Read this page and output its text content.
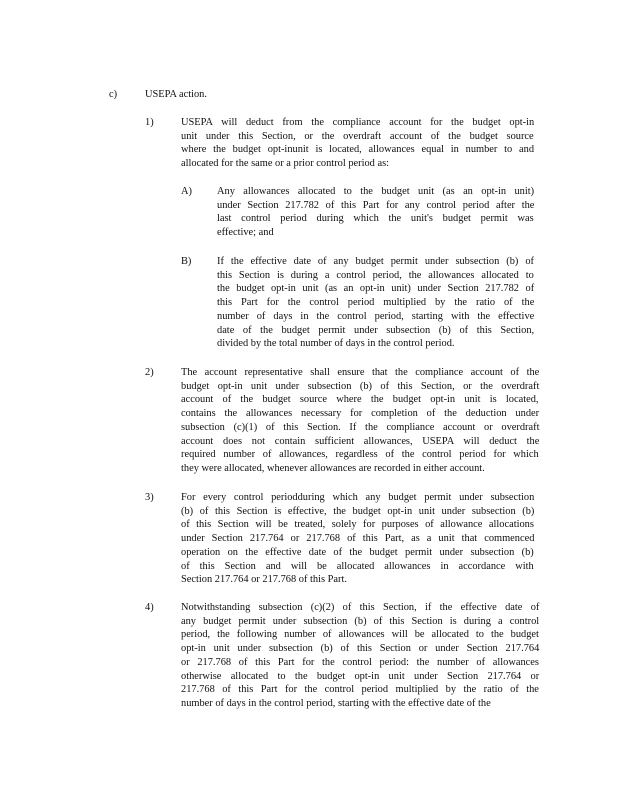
c)	USEPA action.
1)	USEPA will deduct from the compliance account for the budget opt-in
unit under this Section, or the overdraft account of the budget source
where the budget opt-inunit is located, allowances equal in number to and
allocated for the same or a prior control period as:
A) Any allowances allocated to the budget unit (as an opt-in unit)
under Section 217.782 of this Part for any control period after the
last control period during which the unit's budget permit was
effective; and
B) If the effective date of any budget permit under subsection (b) of
this Section is during a control period, the allowances allocated to
the budget opt-in unit (as an opt-in unit) under Section 217.782 of
this Part for the control period multiplied by the ratio of the
number of days in the control period, starting with the effective
date of the budget permit under subsection (b) of this Section,
divided by the total number of days in the control period.
2)	The account representative shall ensure that the compliance account of the
budget opt-in unit under subsection (b) of this Section, or the overdraft
account of the budget source where the budget opt-in unit is located,
contains the allowances necessary for completion of the deduction under
subsection (c)(1) of this Section. If the compliance account or overdraft
account does not contain sufficient allowances, USEPA will deduct the
required number of allowances, regardless of the control period for which
they were allocated, whenever allowances are recorded in either account.
3)	For every control periodduring which any budget permit under subsection
(b) of this Section is effective, the budget opt-in unit under subsection (b)
of this Section will be treated, solely for purposes of allowance allocations
under Section 217.764 or 217.768 of this Part, as a unit that commenced
operation on the effective date of the budget permit under subsection (b)
of this Section and will be allocated allowances in accordance with
Section 217.764 or 217.768 of this Part.
4)	Notwithstanding subsection (c)(2) of this Section, if the effective date of
any budget permit under subsection (b) of this Section is during a control
period, the following number of allowances will be allocated to the budget
opt-in unit under subsection (b) of this Section or under Section 217.764
or 217.768 of this Part for the control period: the number of allowances
otherwise allocated to the budget opt-in unit under Section 217.764 or
217.768 of this Part for the control period multiplied by the ratio of the
number of days in the control period, starting with the effective date of the
